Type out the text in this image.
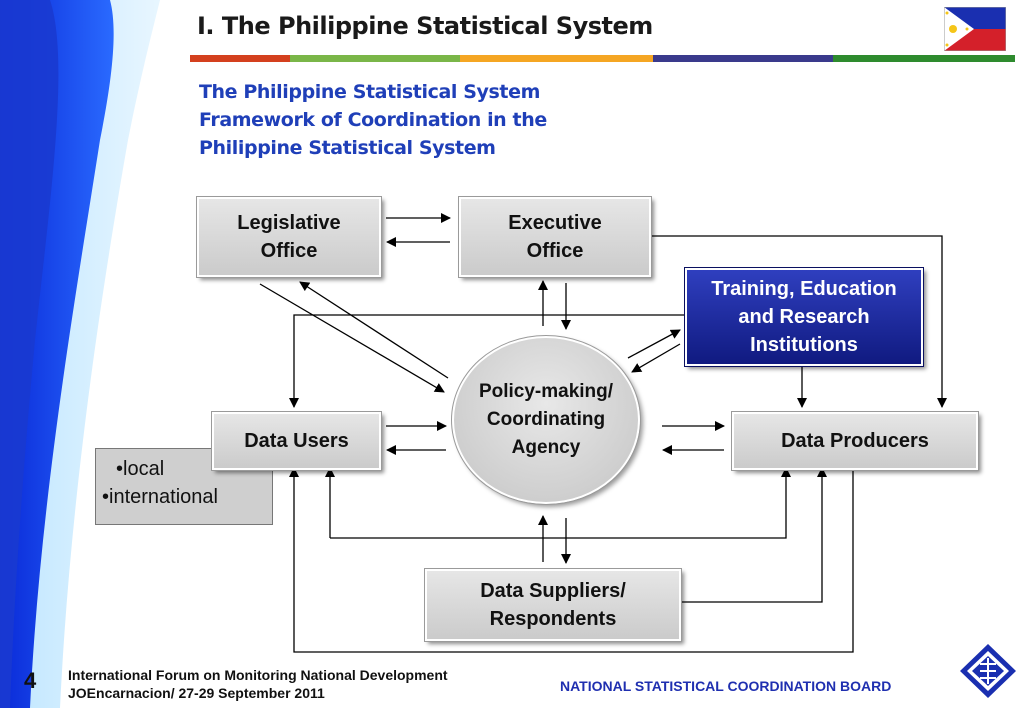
I. The Philippine Statistical System
The Philippine Statistical System
Framework of Coordination in the
Philippine Statistical System
Legislative
Office
Executive
Office
Training, Education
and Research
Institutions
Policy-making/
Coordinating
Agency
•local
•international
Data Users	Data Producers
Data Suppliers/
Respondents
4 International Forum on Monitoring National Development
JOEncarnacion/ 27-29 September 2011	NATIONAL STATISTICAL COORDINATION BOARD
